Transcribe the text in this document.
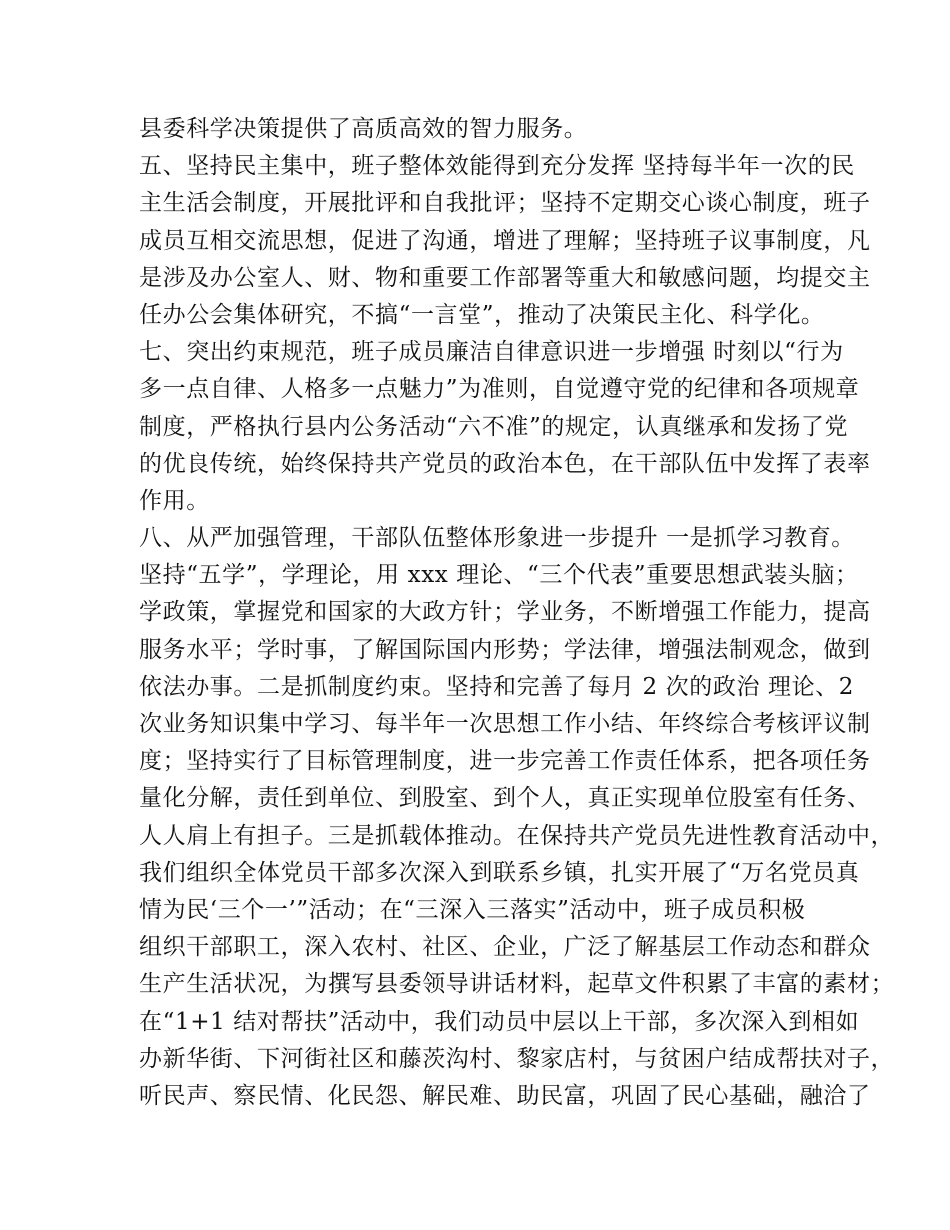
县委科学决策提供了高质高效的智力服务。
五、坚持民主集中，班子整体效能得到充分发挥 坚持每半年一次的民
主生活会制度，开展批评和自我批评；坚持不定期交心谈心制度，班子
成员互相交流思想，促进了沟通，增进了理解；坚持班子议事制度，凡
是涉及办公室人、财、物和重要工作部署等重大和敏感问题，均提交主
任办公会集体研究，不搞“一言堂”，推动了决策民主化、科学化。
七、突出约束规范，班子成员廉洁自律意识进一步增强 时刻以“行为
多一点自律、人格多一点魅力”为准则，自觉遵守党的纪律和各项规章
制度，严格执行县内公务活动“六不准”的规定，认真继承和发扬了党
的优良传统，始终保持共产党员的政治本色，在干部队伍中发挥了表率
作用。
八、从严加强管理，干部队伍整体形象进一步提升 一是抓学习教育。
坚持“五学”，学理论，用 xxx 理论、“三个代表”重要思想武装头脑；
学政策，掌握党和国家的大政方针；学业务，不断增强工作能力，提高
服务水平；学时事，了解国际国内形势；学法律，增强法制观念，做到
依法办事。二是抓制度约束。坚持和完善了每月 2 次的政治 理论、2
次业务知识集中学习、每半年一次思想工作小结、年终综合考核评议制
度；坚持实行了目标管理制度，进一步完善工作责任体系，把各项任务
量化分解，责任到单位、到股室、到个人，真正实现单位股室有任务、
人人肩上有担子。三是抓载体推动。在保持共产党员先进性教育活动中，
我们组织全体党员干部多次深入到联系乡镇，扎实开展了“万名党员真
情为民‘三个一’”活动；在“三深入三落实”活动中，班子成员积极
组织干部职工，深入农村、社区、企业，广泛了解基层工作动态和群众
生产生活状况，为撰写县委领导讲话材料，起草文件积累了丰富的素材；
在“1+1 结对帮扶”活动中，我们动员中层以上干部，多次深入到相如
办新华街、下河街社区和藤茨沟村、黎家店村，与贫困户结成帮扶对子，
听民声、察民情、化民怨、解民难、助民富，巩固了民心基础，融洽了
